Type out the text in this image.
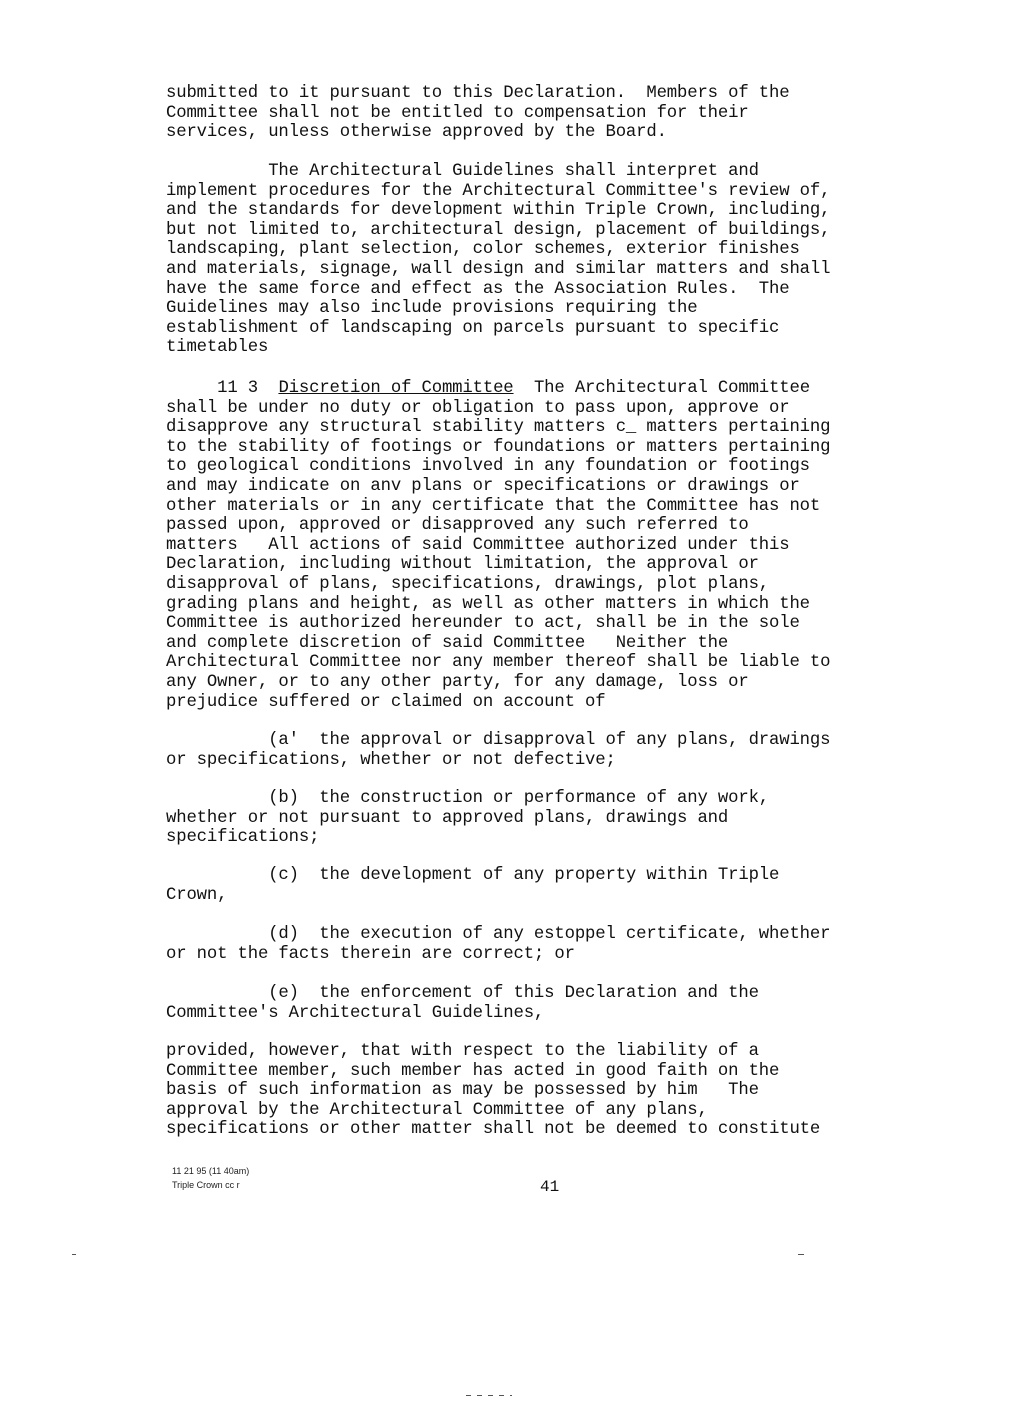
submitted to it pursuant to this Declaration.  Members of the
Committee shall not be entitled to compensation for their
services, unless otherwise approved by the Board.

The Architectural Guidelines shall interpret and
implement procedures for the Architectural Committee's review of,
and the standards for development within Triple Crown, including,
but not limited to, architectural design, placement of buildings,
landscaping, plant selection, color schemes, exterior finishes
and materials, signage, wall design and similar matters and shall
have the same force and effect as the Association Rules.  The
Guidelines may also include provisions requiring the
establishment of landscaping on parcels pursuant to specific
timetables

11 3  Discretion of Committee  The Architectural Committee
shall be under no duty or obligation to pass upon, approve or
disapprove any structural stability matters c_ matters pertaining
to the stability of footings or foundations or matters pertaining
to geological conditions involved in any foundation or footings
and may indicate on anv plans or specifications or drawings or
other materials or in any certificate that the Committee has not
passed upon, approved or disapproved any such referred to
matters   All actions of said Committee authorized under this
Declaration, including without limitation, the approval or
disapproval of plans, specifications, drawings, plot plans,
grading plans and height, as well as other matters in which the
Committee is authorized hereunder to act, shall be in the sole
and complete discretion of said Committee   Neither the
Architectural Committee nor any member thereof shall be liable to
any Owner, or to any other party, for any damage, loss or
prejudice suffered or claimed on account of

(a'  the approval or disapproval of any plans, drawings
or specifications, whether or not defective;

(b)  the construction or performance of any work,
whether or not pursuant to approved plans, drawings and
specifications;

(c)  the development of any property within Triple
Crown,

(d)  the execution of any estoppel certificate, whether
or not the facts therein are correct; or

(e)  the enforcement of this Declaration and the
Committee's Architectural Guidelines,

provided, however, that with respect to the liability of a
Committee member, such member has acted in good faith on the
basis of such information as may be possessed by him   The
approval by the Architectural Committee of any plans,
specifications or other matter shall not be deemed to constitute

11 21 95 (11 40am)
Triple Crown cc r	41
